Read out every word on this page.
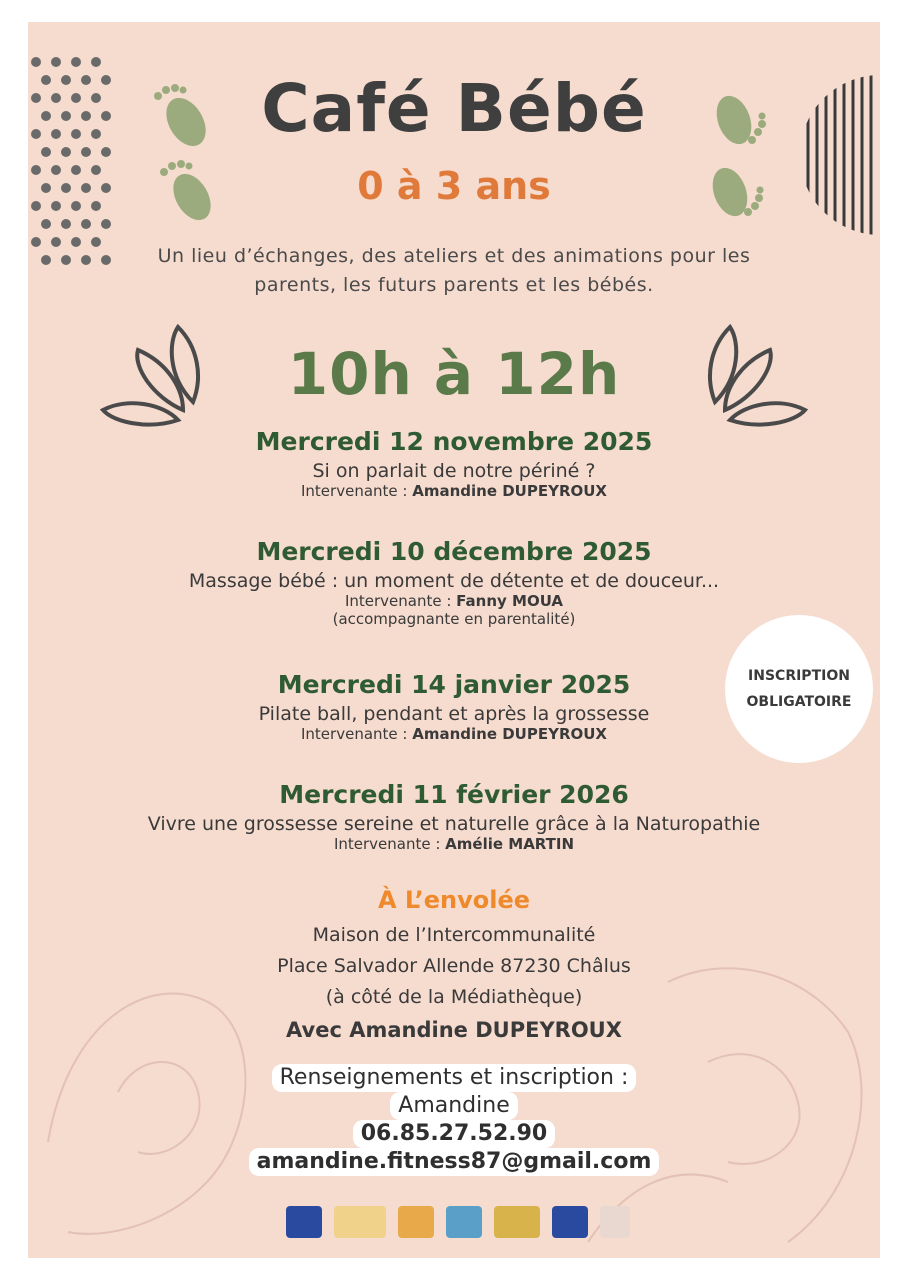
Café Bébé
0 à 3 ans
Un lieu d’échanges, des ateliers et des animations pour les
parents, les futurs parents et les bébés.
10h à 12h
Mercredi 12 novembre 2025
Si on parlait de notre périné ?
Intervenante : Amandine DUPEYROUX
Mercredi 10 décembre 2025
Massage bébé : un moment de détente et de douceur...
Intervenante : Fanny MOUA
(accompagnante en parentalité)
Mercredi 14 janvier 2025
Pilate ball, pendant et après la grossesse
Intervenante : Amandine DUPEYROUX
Mercredi 11 février 2026
Vivre une grossesse sereine et naturelle grâce à la Naturopathie
Intervenante : Amélie MARTIN
INSCRIPTION
OBLIGATOIRE
À L’envolée
Maison de l’Intercommunalité
Place Salvador Allende 87230 Châlus
(à côté de la Médiathèque)
Avec Amandine DUPEYROUX
Renseignements et inscription :
Amandine
06.85.27.52.90
amandine.fitness87@gmail.com
